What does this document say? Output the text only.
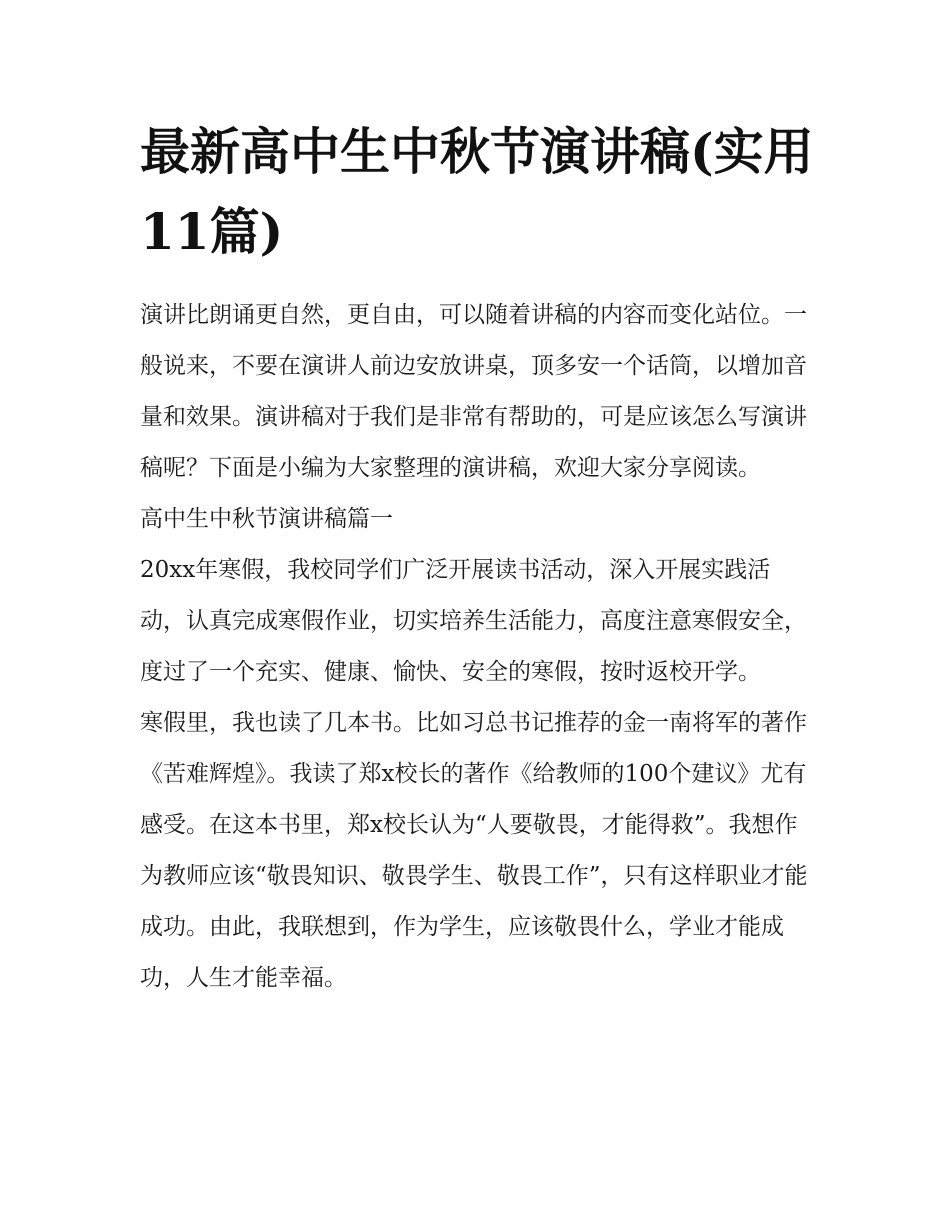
最新高中生中秋节演讲稿(实用11篇)

演讲比朗诵更自然，更自由，可以随着讲稿的内容而变化站位。一般说来，不要在演讲人前边安放讲桌，顶多安一个话筒，以增加音量和效果。演讲稿对于我们是非常有帮助的，可是应该怎么写演讲稿呢？下面是小编为大家整理的演讲稿，欢迎大家分享阅读。

高中生中秋节演讲稿篇一

20xx年寒假，我校同学们广泛开展读书活动，深入开展实践活动，认真完成寒假作业，切实培养生活能力，高度注意寒假安全，度过了一个充实、健康、愉快、安全的寒假，按时返校开学。

寒假里，我也读了几本书。比如习总书记推荐的金一南将军的著作《苦难辉煌》。我读了郑x校长的著作《给教师的100个建议》尤有感受。在这本书里，郑x校长认为“人要敬畏，才能得救”。我想作为教师应该“敬畏知识、敬畏学生、敬畏工作”，只有这样职业才能成功。由此，我联想到，作为学生，应该敬畏什么，学业才能成功，人生才能幸福。
